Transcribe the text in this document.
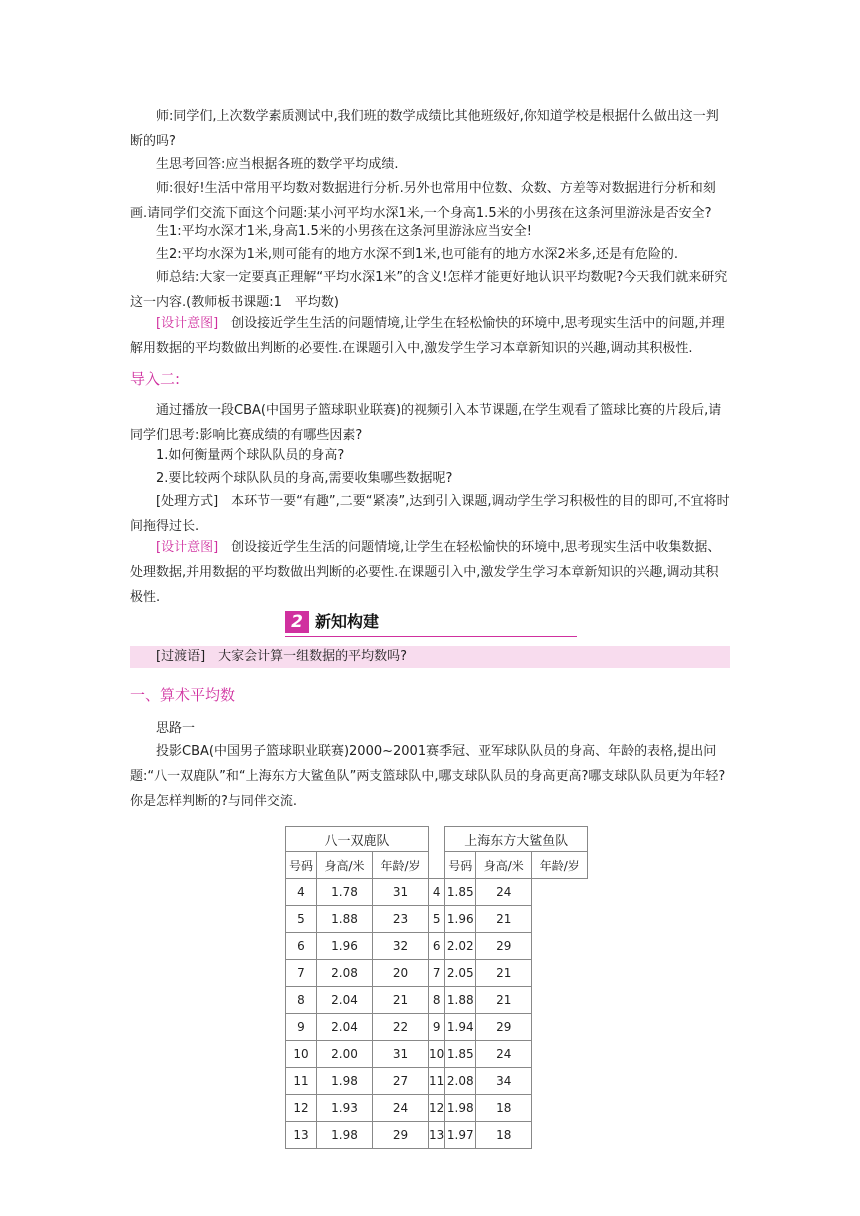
师:同学们,上次数学素质测试中,我们班的数学成绩比其他班级好,你知道学校是根据什么做出这一判断的吗?
生思考回答:应当根据各班的数学平均成绩.
师:很好!生活中常用平均数对数据进行分析.另外也常用中位数、众数、方差等对数据进行分析和刻画.请同学们交流下面这个问题:某小河平均水深1米,一个身高1.5米的小男孩在这条河里游泳是否安全?
生1:平均水深才1米,身高1.5米的小男孩在这条河里游泳应当安全!
生2:平均水深为1米,则可能有的地方水深不到1米,也可能有的地方水深2米多,还是有危险的.
师总结:大家一定要真正理解“平均水深1米”的含义!怎样才能更好地认识平均数呢?今天我们就来研究这一内容.(教师板书课题:1　平均数)
[设计意图]　 创设接近学生生活的问题情境,让学生在轻松愉快的环境中,思考现实生活中的问题,并理解用数据的平均数做出判断的必要性.在课题引入中,激发学生学习本章新知识的兴趣,调动其积极性.
导入二:
通过播放一段CBA(中国男子篮球职业联赛)的视频引入本节课题,在学生观看了篮球比赛的片段后,请同学们思考:影响比赛成绩的有哪些因素?
1.如何衡量两个球队队员的身高?
2.要比较两个球队队员的身高,需要收集哪些数据呢?
[处理方式]　本环节一要“有趣”,二要“紧凑”,达到引入课题,调动学生学习积极性的目的即可,不宜将时间拖得过长.
[设计意图]　 创设接近学生生活的问题情境,让学生在轻松愉快的环境中,思考现实生活中收集数据、处理数据,并用数据的平均数做出判断的必要性.在课题引入中,激发学生学习本章新知识的兴趣,调动其积极性.
2 新知构建
[过渡语]　 大家会计算一组数据的平均数吗?
一、算术平均数
思路一
投影CBA(中国男子篮球职业联赛)2000~2001赛季冠、亚军球队队员的身高、年龄的表格,提出问题:“八一双鹿队”和“上海东方大鲨鱼队”两支篮球队中,哪支球队队员的身高更高?哪支球队队员更为年轻?你是怎样判断的?与同伴交流.
八一双鹿队				上海东方大鲨鱼队		
号码	身高/米	年龄/岁		号码	身高/米	年龄/岁
4	1.78	31	4	1.85	24	
5	1.88	23	5	1.96	21	
6	1.96	32	6	2.02	29	
7	2.08	20	7	2.05	21	
8	2.04	21	8	1.88	21	
9	2.04	22	9	1.94	29	
10	2.00	31	10	1.85	24	
11	1.98	27	11	2.08	34	
12	1.93	24	12	1.98	18	
13	1.98	29	13	1.97	18	
